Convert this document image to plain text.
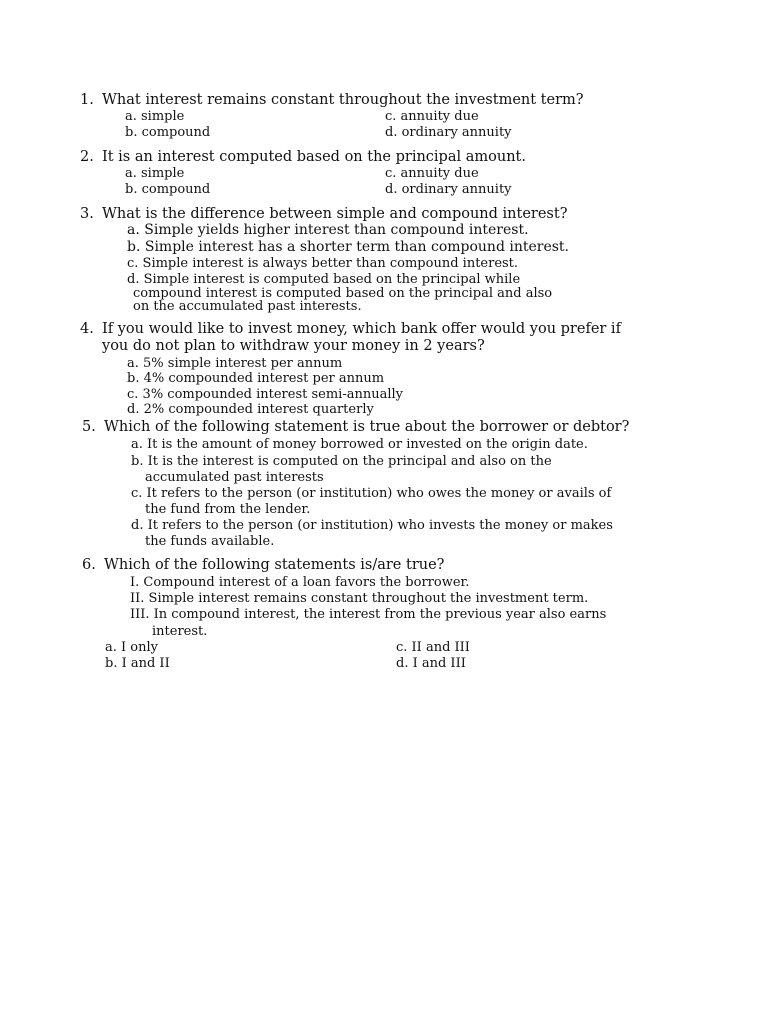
1. What interest remains constant throughout the investment term?
a. simple
b. compound
c. annuity due
d. ordinary annuity
2. It is an interest computed based on the principal amount.
a. simple
b. compound
c. annuity due
d. ordinary annuity
3. What is the difference between simple and compound interest?
a. Simple yields higher interest than compound interest.
b. Simple interest has a shorter term than compound interest.
c. Simple interest is always better than compound interest.
d. Simple interest is computed based on the principal while
compound interest is computed based on the principal and also
on the accumulated past interests.
4. If you would like to invest money, which bank offer would you prefer if
you do not plan to withdraw your money in 2 years?
a. 5% simple interest per annum
b. 4% compounded interest per annum
c. 3% compounded interest semi-annually
d. 2% compounded interest quarterly
5. Which of the following statement is true about the borrower or debtor?
a. It is the amount of money borrowed or invested on the origin date.
b. It is the interest is computed on the principal and also on the
accumulated past interests
c. It refers to the person (or institution) who owes the money or avails of
the fund from the lender.
d. It refers to the person (or institution) who invests the money or makes
the funds available.
6. Which of the following statements is/are true?
I. Compound interest of a loan favors the borrower.
II. Simple interest remains constant throughout the investment term.
III. In compound interest, the interest from the previous year also earns
interest.
a. I only
b. I and II
c. II and III
d. I and III
